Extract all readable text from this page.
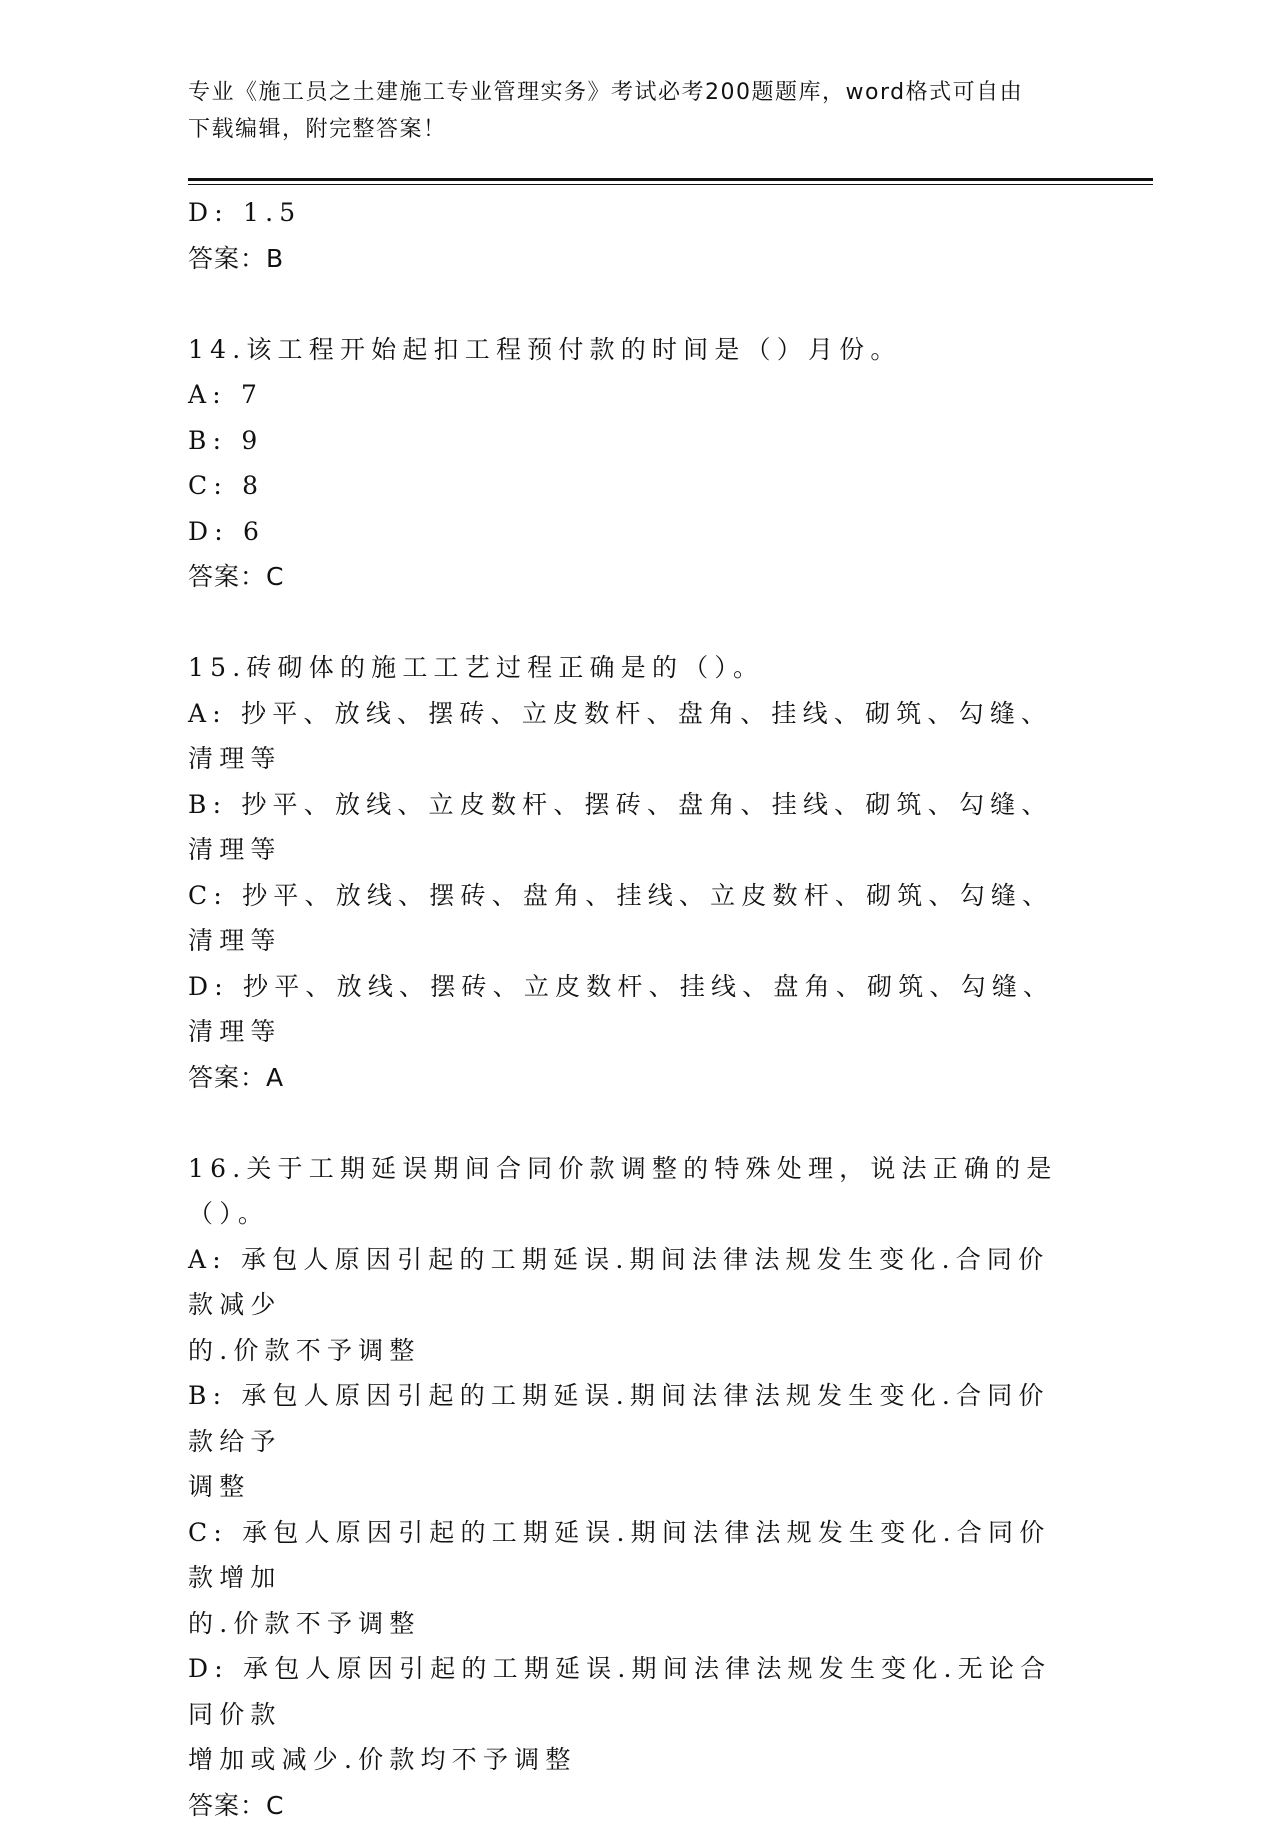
专业《施工员之土建施工专业管理实务》考试必考200题题库，word格式可自由
下载编辑，附完整答案！

D: 1.5

答案：B

14.该工程开始起扣工程预付款的时间是（）月份。

A: 7

B: 9

C: 8

D: 6

答案：C

15.砖砌体的施工工艺过程正确是的（）。

A: 抄平、放线、摆砖、立皮数杆、盘角、挂线、砌筑、勾缝、清理等

B: 抄平、放线、立皮数杆、摆砖、盘角、挂线、砌筑、勾缝、清理等

C: 抄平、放线、摆砖、盘角、挂线、立皮数杆、砌筑、勾缝、清理等

D: 抄平、放线、摆砖、立皮数杆、挂线、盘角、砌筑、勾缝、清理等

答案：A

16.关于工期延误期间合同价款调整的特殊处理，说法正确的是（）。

A: 承包人原因引起的工期延误.期间法律法规发生变化.合同价款减少

的.价款不予调整

B: 承包人原因引起的工期延误.期间法律法规发生变化.合同价款给予

调整

C: 承包人原因引起的工期延误.期间法律法规发生变化.合同价款增加

的.价款不予调整

D: 承包人原因引起的工期延误.期间法律法规发生变化.无论合同价款

增加或减少.价款均不予调整

答案：C
